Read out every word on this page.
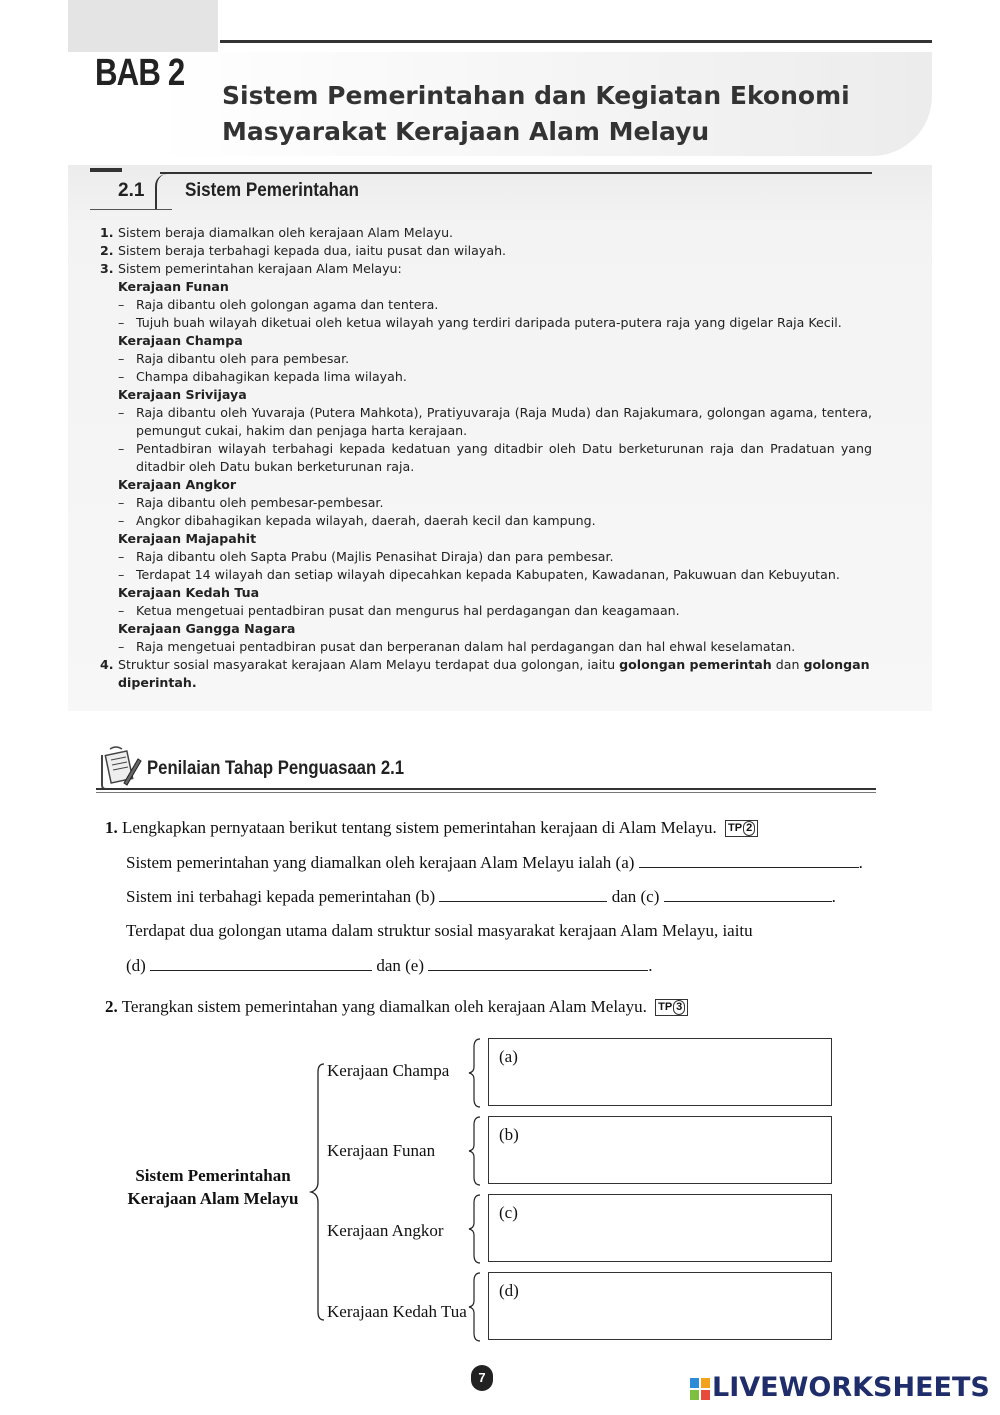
BAB 2
Sistem Pemerintahan dan Kegiatan Ekonomi
Masyarakat Kerajaan Alam Melayu
2.1 Sistem Pemerintahan
1. Sistem beraja diamalkan oleh kerajaan Alam Melayu.
2. Sistem beraja terbahagi kepada dua, iaitu pusat dan wilayah.
3. Sistem pemerintahan kerajaan Alam Melayu:
Kerajaan Funan
– Raja dibantu oleh golongan agama dan tentera.
– Tujuh buah wilayah diketuai oleh ketua wilayah yang terdiri daripada putera-putera raja yang digelar Raja Kecil.
Kerajaan Champa
– Raja dibantu oleh para pembesar.
– Champa dibahagikan kepada lima wilayah.
Kerajaan Srivijaya
– Raja dibantu oleh Yuvaraja (Putera Mahkota), Pratiyuvaraja (Raja Muda) dan Rajakumara, golongan agama, tentera, pemungut cukai, hakim dan penjaga harta kerajaan.
– Pentadbiran wilayah terbahagi kepada kedatuan yang ditadbir oleh Datu berketurunan raja dan Pradatuan yang ditadbir oleh Datu bukan berketurunan raja.
Kerajaan Angkor
– Raja dibantu oleh pembesar-pembesar.
– Angkor dibahagikan kepada wilayah, daerah, daerah kecil dan kampung.
Kerajaan Majapahit
– Raja dibantu oleh Sapta Prabu (Majlis Penasihat Diraja) dan para pembesar.
– Terdapat 14 wilayah dan setiap wilayah dipecahkan kepada Kabupaten, Kawadanan, Pakuwuan dan Kebuyutan.
Kerajaan Kedah Tua
– Ketua mengetuai pentadbiran pusat dan mengurus hal perdagangan dan keagamaan.
Kerajaan Gangga Nagara
– Raja mengetuai pentadbiran pusat dan berperanan dalam hal perdagangan dan hal ehwal keselamatan.
4. Struktur sosial masyarakat kerajaan Alam Melayu terdapat dua golongan, iaitu golongan pemerintah dan golongan diperintah.
Penilaian Tahap Penguasaan 2.1
1. Lengkapkan pernyataan berikut tentang sistem pemerintahan kerajaan di Alam Melayu. TP 2
Sistem pemerintahan yang diamalkan oleh kerajaan Alam Melayu ialah (a)	.
Sistem ini terbahagi kepada pemerintahan (b)	dan (c)	.
Terdapat dua golongan utama dalam struktur sosial masyarakat kerajaan Alam Melayu, iaitu
(d)	dan (e)	.
2. Terangkan sistem pemerintahan yang diamalkan oleh kerajaan Alam Melayu. TP 3
Sistem Pemerintahan
Kerajaan Alam Melayu
Kerajaan Champa
Kerajaan Funan
Kerajaan Angkor
Kerajaan Kedah Tua
(a)
(b)
(c)
(d)
7	LIVEWORKSHEETS
